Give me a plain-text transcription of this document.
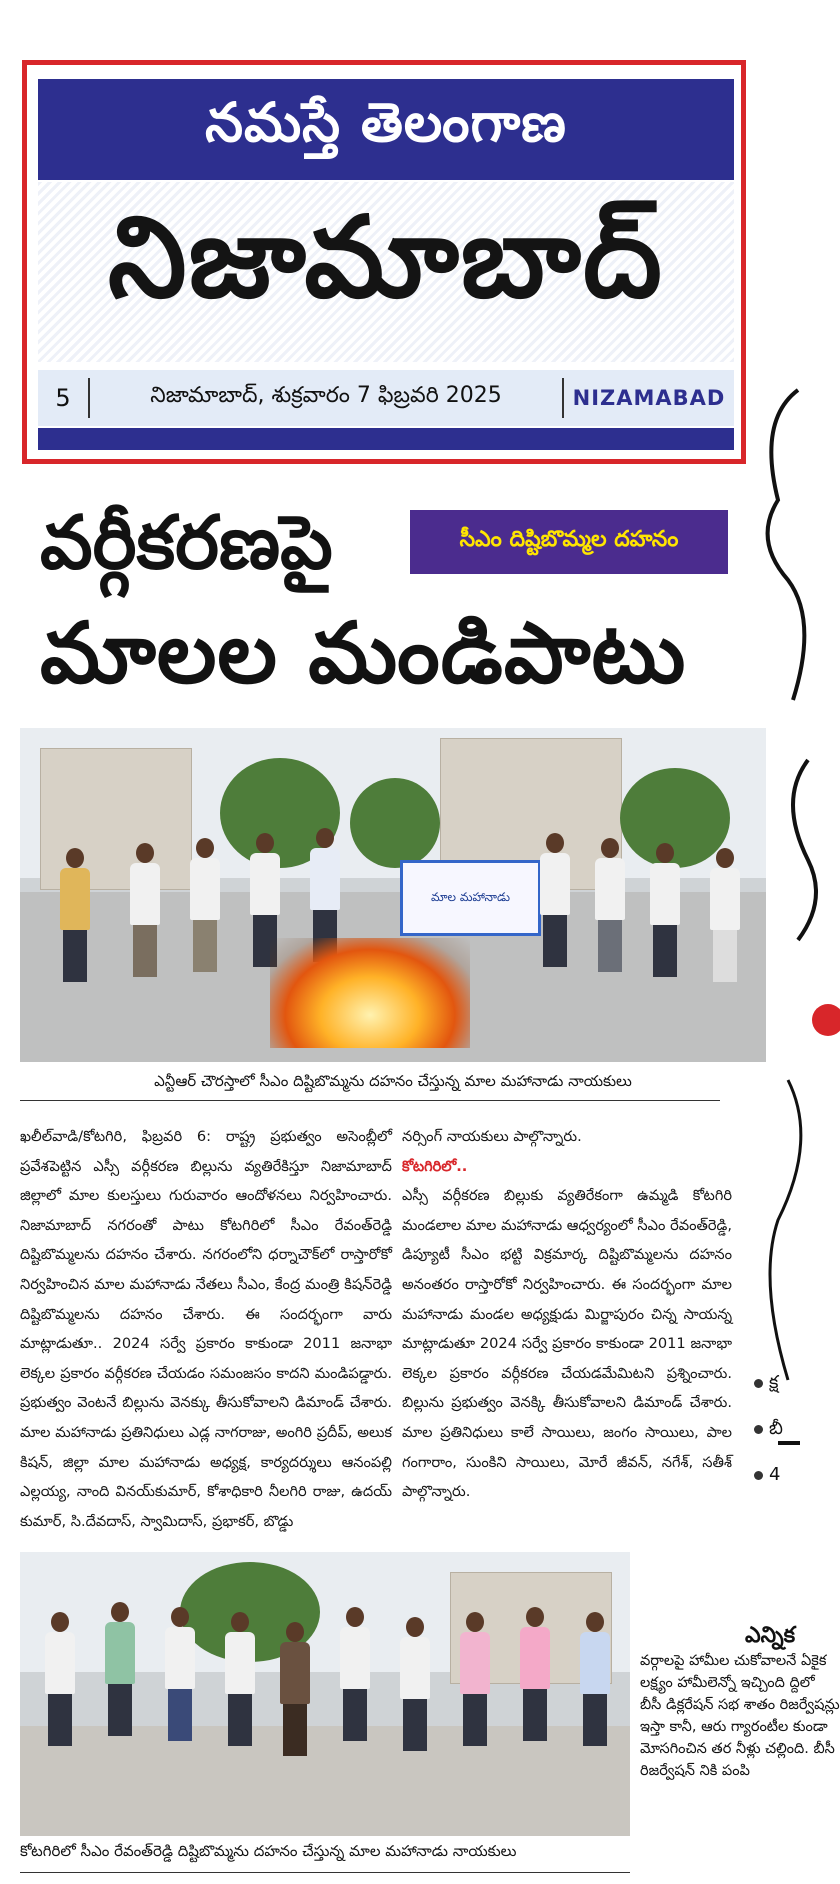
నమస్తే తెలంగాణ
నిజామాబాద్
5	నిజామాబాద్, శుక్రవారం 7 ఫిబ్రవరి 2025	NIZAMABAD
వర్గీకరణపై
మాలల మండిపాటు
సీఎం దిష్టిబొమ్మల దహనం
మాల మహానాడు
ఎన్టీఆర్ చౌరస్తాలో సీఎం దిష్టిబొమ్మను దహనం చేస్తున్న మాల మహానాడు నాయకులు
ఖలీల్‌వాడి/కోటగిరి, ఫిబ్రవరి 6: రాష్ట్ర ప్రభుత్వం అసెంబ్లీలో ప్రవేశపెట్టిన ఎస్సీ వర్గీకరణ బిల్లును వ్యతిరేకిస్తూ నిజామాబాద్ జిల్లాలో మాల కులస్తులు గురువారం ఆందోళనలు నిర్వహించారు. నిజామాబాద్ నగరంతో పాటు కోటగిరిలో సీఎం రేవంత్‌రెడ్డి దిష్టిబొమ్మలను దహనం చేశారు. నగరంలోని ధర్నాచౌక్‌లో రాస్తారోకో నిర్వహించిన మాల మహానాడు నేతలు సీఎం, కేంద్ర మంత్రి కిషన్‌రెడ్డి దిష్టిబొమ్మలను దహనం చేశారు. ఈ సందర్భంగా వారు మాట్లాడుతూ.. 2024 సర్వే ప్రకారం కాకుండా 2011 జనాభా లెక్కల ప్రకారం వర్గీకరణ చేయడం సమంజసం కాదని మండిపడ్డారు. ప్రభుత్వం వెంటనే బిల్లును వెనక్కు తీసుకోవాలని డిమాండ్ చేశారు. మాల మహానాడు ప్రతినిధులు ఎడ్ల నాగరాజు, అంగిరి ప్రదీప్, అలుక కిషన్, జిల్లా మాల మహానాడు అధ్యక్ష, కార్యదర్శులు ఆనంపల్లి ఎల్లయ్య, నాంది వినయ్‌కుమార్, కోశాధికారి నీలగిరి రాజు, ఉదయ్ కుమార్, సి.దేవదాస్, స్వామిదాస్, ప్రభాకర్, బొడ్డు
నర్సింగ్ నాయకులు పాల్గొన్నారు.
కోటగిరిలో..
ఎస్సీ వర్గీకరణ బిల్లుకు వ్యతిరేకంగా ఉమ్మడి కోటగిరి మండలాల మాల మహానాడు ఆధ్వర్యంలో సీఎం రేవంత్‌రెడ్డి, డిప్యూటీ సీఎం భట్టి విక్రమార్క దిష్టిబొమ్మలను దహనం అనంతరం రాస్తారోకో నిర్వహించారు. ఈ సందర్భంగా మాల మహానాడు మండల అధ్యక్షుడు మిర్జాపురం చిన్న సాయన్న మాట్లాడుతూ 2024 సర్వే ప్రకారం కాకుండా 2011 జనాభా లెక్కల ప్రకారం వర్గీకరణ చేయడమేమిటని ప్రశ్నించారు. బిల్లును ప్రభుత్వం వెనక్కి తీసుకోవాలని డిమాండ్ చేశారు. మాల ప్రతినిధులు కాలే సాయిలు, జంగం సాయిలు, పాల గంగారాం, సుంకిని సాయిలు, మోరే జీవన్, నగేశ్, సతీశ్ పాల్గొన్నారు.
కోటగిరిలో సీఎం రేవంత్‌రెడ్డి దిష్టిబొమ్మను దహనం చేస్తున్న మాల మహానాడు నాయకులు
క్ష
బీ
4
ఎన్నిక
వర్గాలపై హామీల చుకోవాలనే ఏకైక లక్ష్యం హామీలెన్నో ఇచ్చింది ద్దిలో బీసీ డిక్లరేషన్ సభ శాతం రిజర్వేషన్లు ఇస్తా కానీ, ఆరు గ్యారంటీల కుండా మోసగించిన తర నీళ్లు చల్లింది. బీసీ రిజర్వేషన్ నికి పంపి
